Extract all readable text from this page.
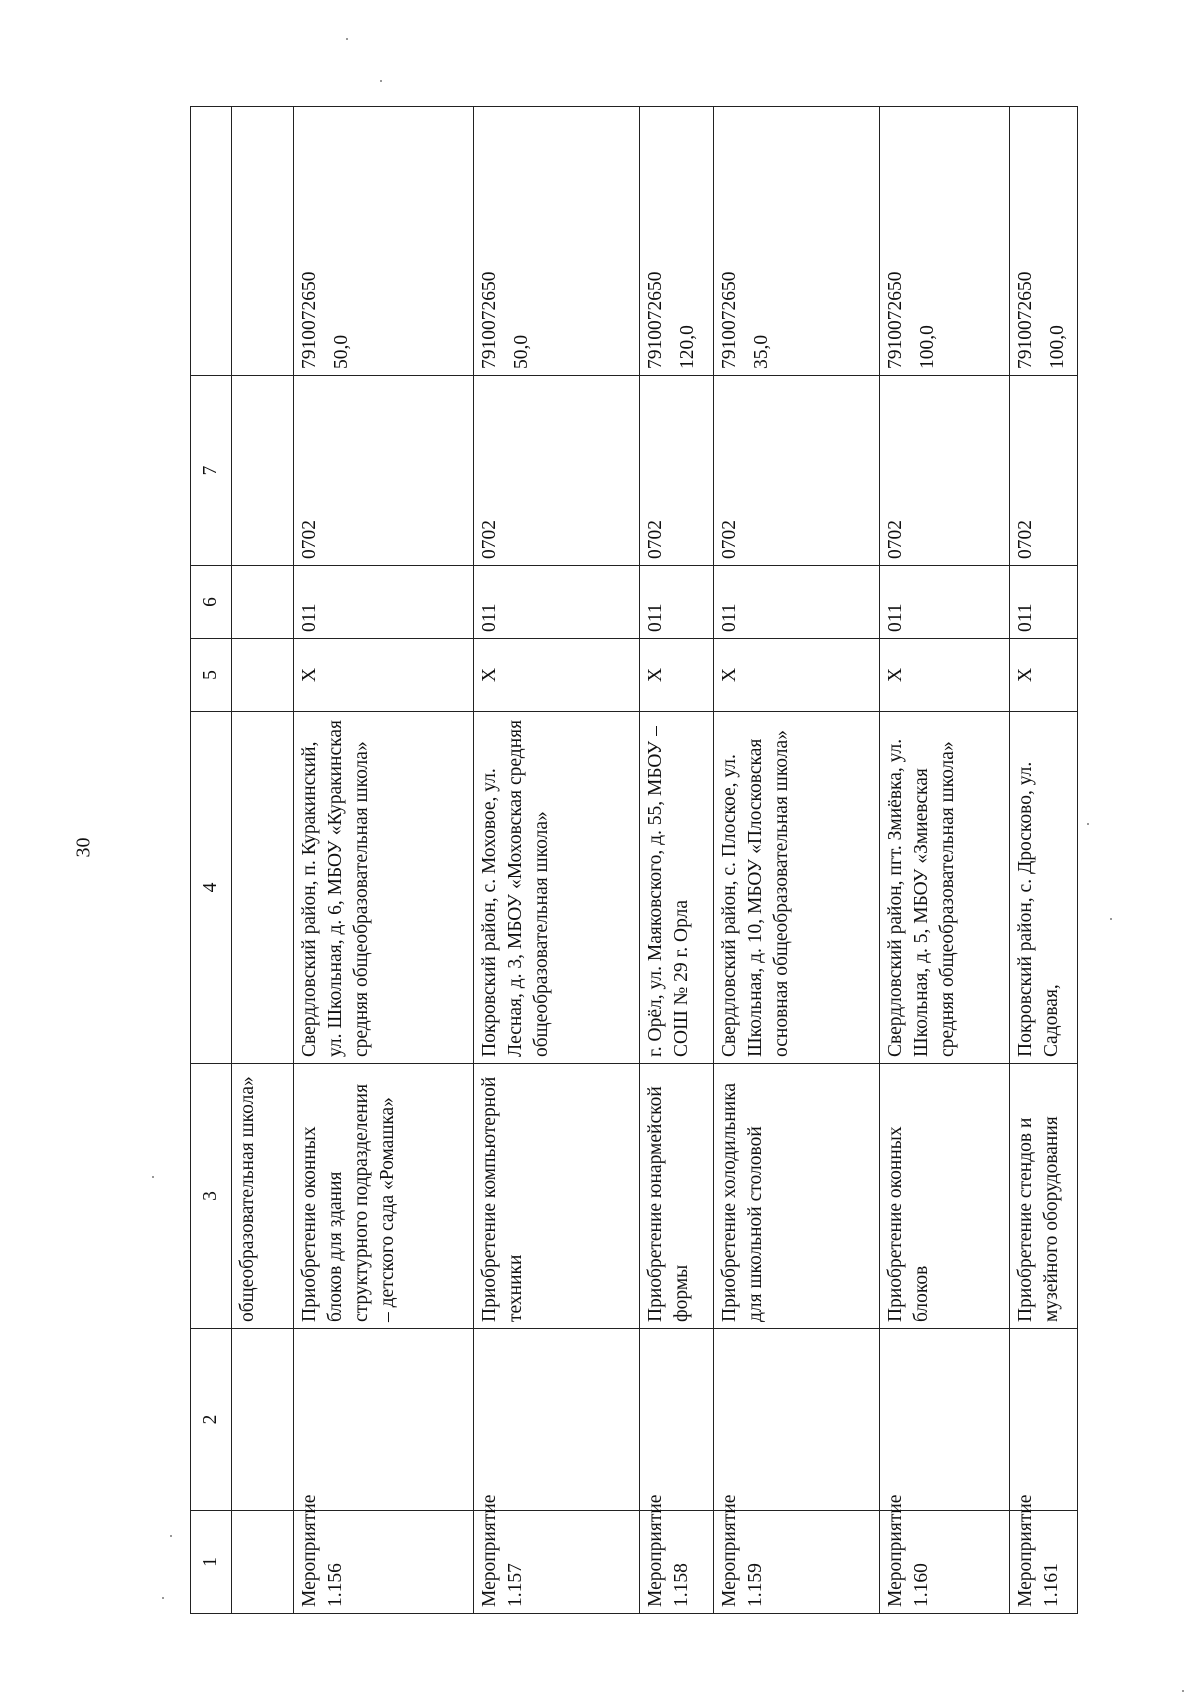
30
1	2	3	4	5	6	7	
		общеобразовательная школа»					
Мероприятие 1.156		Приобретение оконных блоков для здания структурного подразделения – детского сада «Ромашка»	Свердловский район, п. Куракинский, ул. Школьная, д. 6, МБОУ «Куракинская средняя общеобразовательная школа»	X	011	0702	7910072650 50,0

Мероприятие 1.157		Приобретение компьютерной техники	Покровский район, с. Моховое, ул. Лесная, д. 3, МБОУ «Моховская средняя общеобразовательная школа»	X	011	0702	7910072650 50,0

Мероприятие 1.158		Приобретение юнармейской формы	г. Орёл, ул. Маяковского, д. 55, МБОУ – СОШ № 29 г. Орла	X	011	0702	7910072650 120,0

Мероприятие 1.159		Приобретение холодильника для школьной столовой	Свердловский район, с. Плоское, ул. Школьная, д. 10, МБОУ «Плосковская основная общеобразовательная школа»	X	011	0702	7910072650 35,0

Мероприятие 1.160		Приобретение оконных блоков	Свердловский район, пгт. Змиёвка, ул. Школьная, д. 5, МБОУ «Змиевская средняя общеобразовательная школа»	X	011	0702	7910072650 100,0

Мероприятие 1.161		Приобретение стендов и музейного оборудования	Покровский район, с. Дросково, ул. Садовая,	X	011	0702	7910072650 100,0
